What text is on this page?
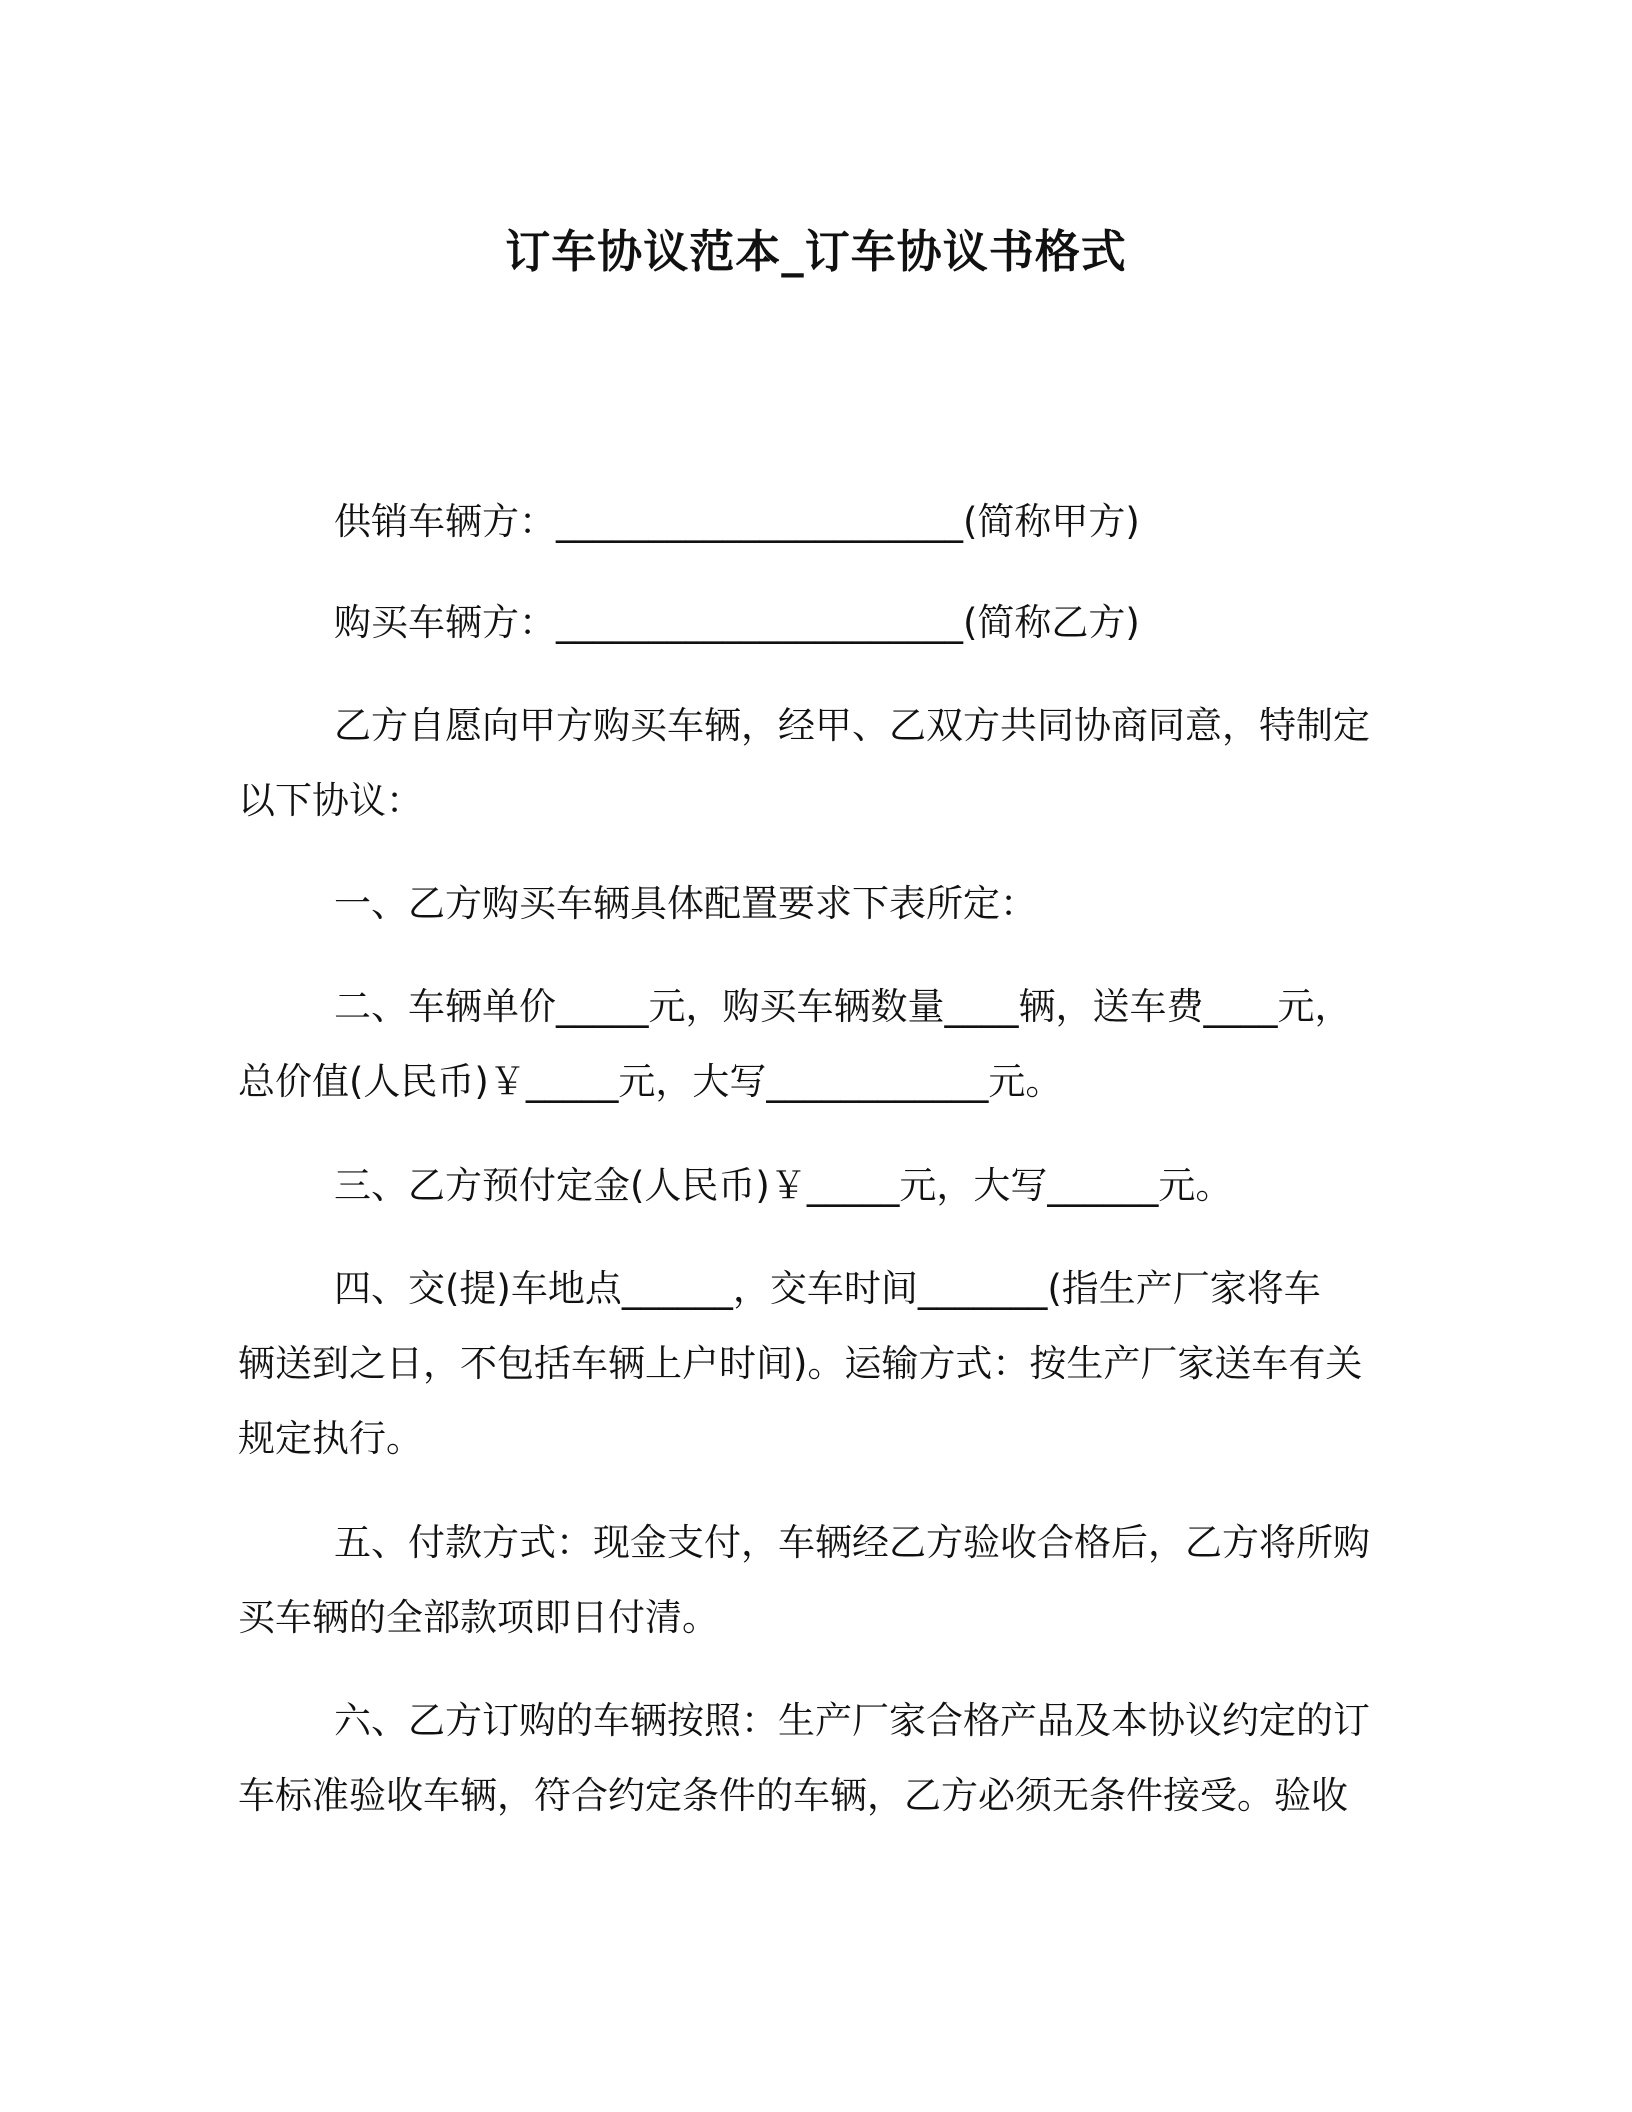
订车协议范本_订车协议书格式
供销车辆方：______________________(简称甲方)
购买车辆方：______________________(简称乙方)
乙方自愿向甲方购买车辆，经甲、乙双方共同协商同意，特制定
以下协议：
一、乙方购买车辆具体配置要求下表所定：
二、车辆单价_____元，购买车辆数量____辆，送车费____元，
总价值(人民币)￥_____元，大写____________元。
三、乙方预付定金(人民币)￥_____元，大写______元。
四、交(提)车地点______，交车时间_______(指生产厂家将车
辆送到之日，不包括车辆上户时间)。运输方式：按生产厂家送车有关
规定执行。
五、付款方式：现金支付，车辆经乙方验收合格后，乙方将所购
买车辆的全部款项即日付清。
六、乙方订购的车辆按照：生产厂家合格产品及本协议约定的订
车标准验收车辆，符合约定条件的车辆，乙方必须无条件接受。验收
